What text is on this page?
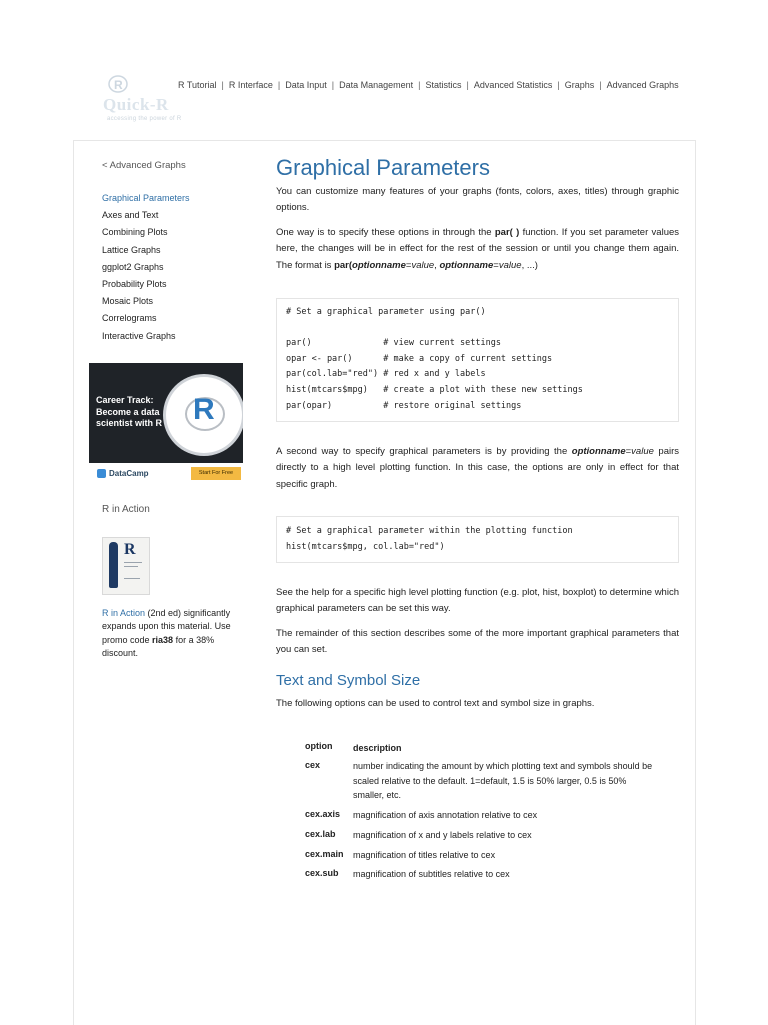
R
Quick-R
accessing the power of R
R Tutorial | R Interface | Data Input | Data Management | Statistics | Advanced Statistics | Graphs | Advanced Graphs
< Advanced Graphs
Graphical Parameters
Axes and Text
Combining Plots
Lattice Graphs
ggplot2 Graphs
Probability Plots
Mosaic Plots
Correlograms
Interactive Graphs
Career Track:
Become a data
scientist with R R
DataCamp	Start For Free
R in Action
R
R in Action (2nd ed) significantly expands upon this material. Use promo code ria38 for a 38% discount.
Graphical Parameters

You can customize many features of your graphs (fonts, colors, axes, titles) through graphic options.

One way is to specify these options in through the par( ) function. If you set parameter values here, the changes will be in effect for the rest of the session or until you change them again. The format is par(optionname=value, optionname=value, ...)

# Set a graphical parameter using par()
par()              # view current settings
opar <- par()      # make a copy of current settings
par(col.lab="red") # red x and y labels
hist(mtcars$mpg)   # create a plot with these new settings
par(opar)          # restore original settings

A second way to specify graphical parameters is by providing the optionname=value pairs directly to a high level plotting function. In this case, the options are only in effect for that specific graph.

# Set a graphical parameter within the plotting function
hist(mtcars$mpg, col.lab="red")

See the help for a specific high level plotting function (e.g. plot, hist, boxplot) to determine which graphical parameters can be set this way.

The remainder of this section describes some of the more important graphical parameters that you can set.

Text and Symbol Size

The following options can be used to control text and symbol size in graphs.

option description
cex	number indicating the amount by which plotting text and symbols should be scaled relative to the default. 1=default, 1.5 is 50% larger, 0.5 is 50% smaller, etc.
cex.axis magnification of axis annotation relative to cex
cex.lab magnification of x and y labels relative to cex
cex.main magnification of titles relative to cex
cex.sub magnification of subtitles relative to cex
